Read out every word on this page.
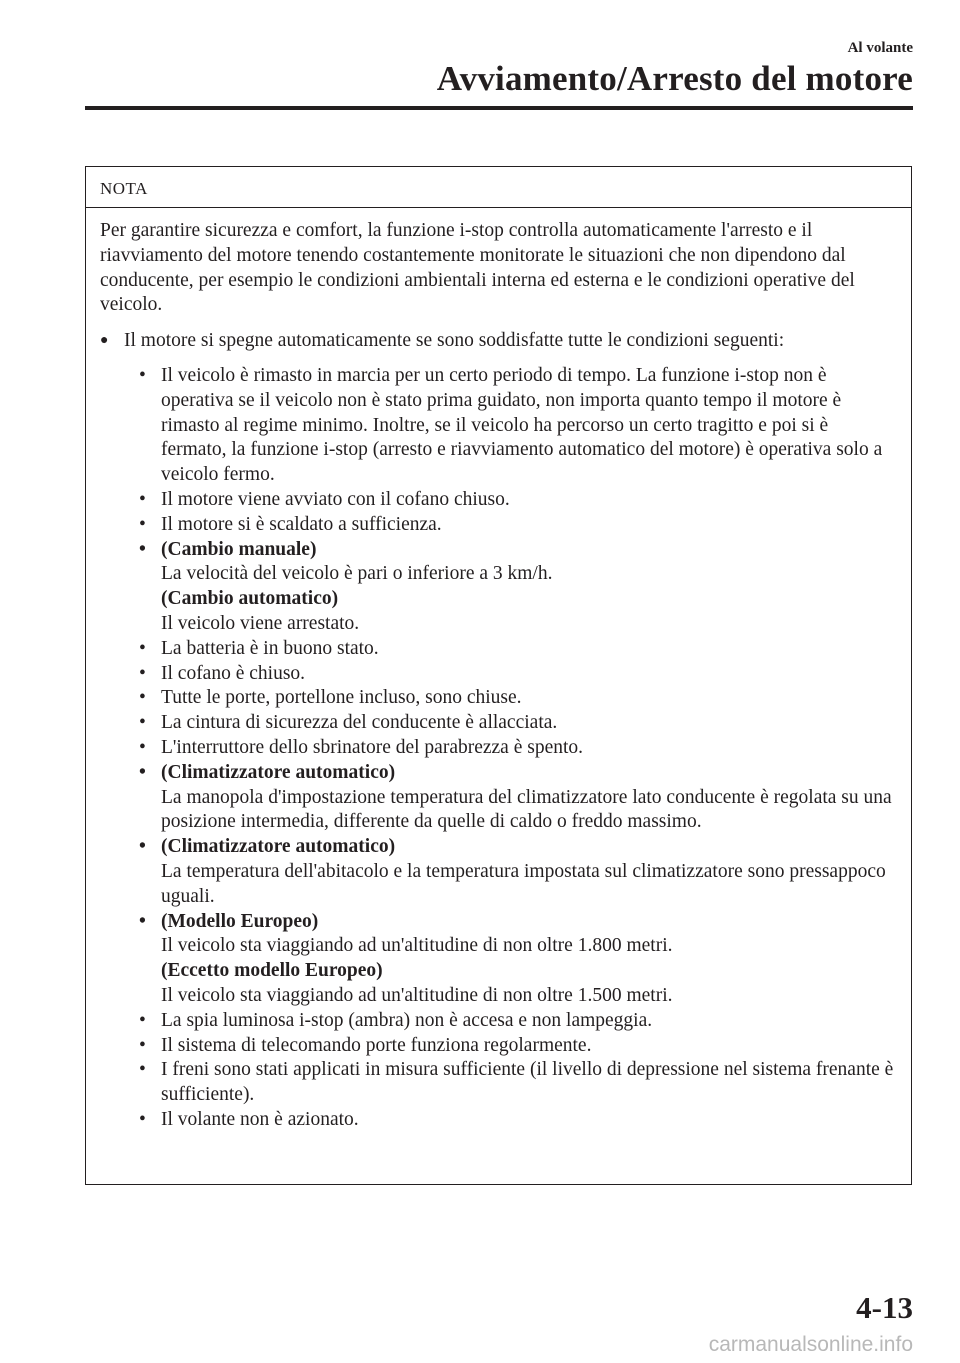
Al volante
Avviamento/Arresto del motore
NOTA

Per garantire sicurezza e comfort, la funzione i-stop controlla automaticamente l'arresto e il riavviamento del motore tenendo costantemente monitorate le situazioni che non dipendono dal conducente, per esempio le condizioni ambientali interna ed esterna e le condizioni operative del veicolo.

● Il motore si spegne automaticamente se sono soddisfatte tutte le condizioni seguenti:
• Il veicolo è rimasto in marcia per un certo periodo di tempo. La funzione i-stop non è operativa se il veicolo non è stato prima guidato, non importa quanto tempo il motore è rimasto al regime minimo. Inoltre, se il veicolo ha percorso un certo tragitto e poi si è fermato, la funzione i-stop (arresto e riavviamento automatico del motore) è operativa solo a veicolo fermo.
• Il motore viene avviato con il cofano chiuso.
• Il motore si è scaldato a sufficienza.
• (Cambio manuale)
La velocità del veicolo è pari o inferiore a 3 km/h.
(Cambio automatico)
Il veicolo viene arrestato.
• La batteria è in buono stato.
• Il cofano è chiuso.
• Tutte le porte, portellone incluso, sono chiuse.
• La cintura di sicurezza del conducente è allacciata.
• L'interruttore dello sbrinatore del parabrezza è spento.
• (Climatizzatore automatico)
La manopola d'impostazione temperatura del climatizzatore lato conducente è regolata su una posizione intermedia, differente da quelle di caldo o freddo massimo.
• (Climatizzatore automatico)
La temperatura dell'abitacolo e la temperatura impostata sul climatizzatore sono pressappoco uguali.
• (Modello Europeo)
Il veicolo sta viaggiando ad un'altitudine di non oltre 1.800 metri.
(Eccetto modello Europeo)
Il veicolo sta viaggiando ad un'altitudine di non oltre 1.500 metri.
• La spia luminosa i-stop (ambra) non è accesa e non lampeggia.
• Il sistema di telecomando porte funziona regolarmente.
• I freni sono stati applicati in misura sufficiente (il livello di depressione nel sistema frenante è sufficiente).
• Il volante non è azionato.
4-13
carmanualsonline.info
